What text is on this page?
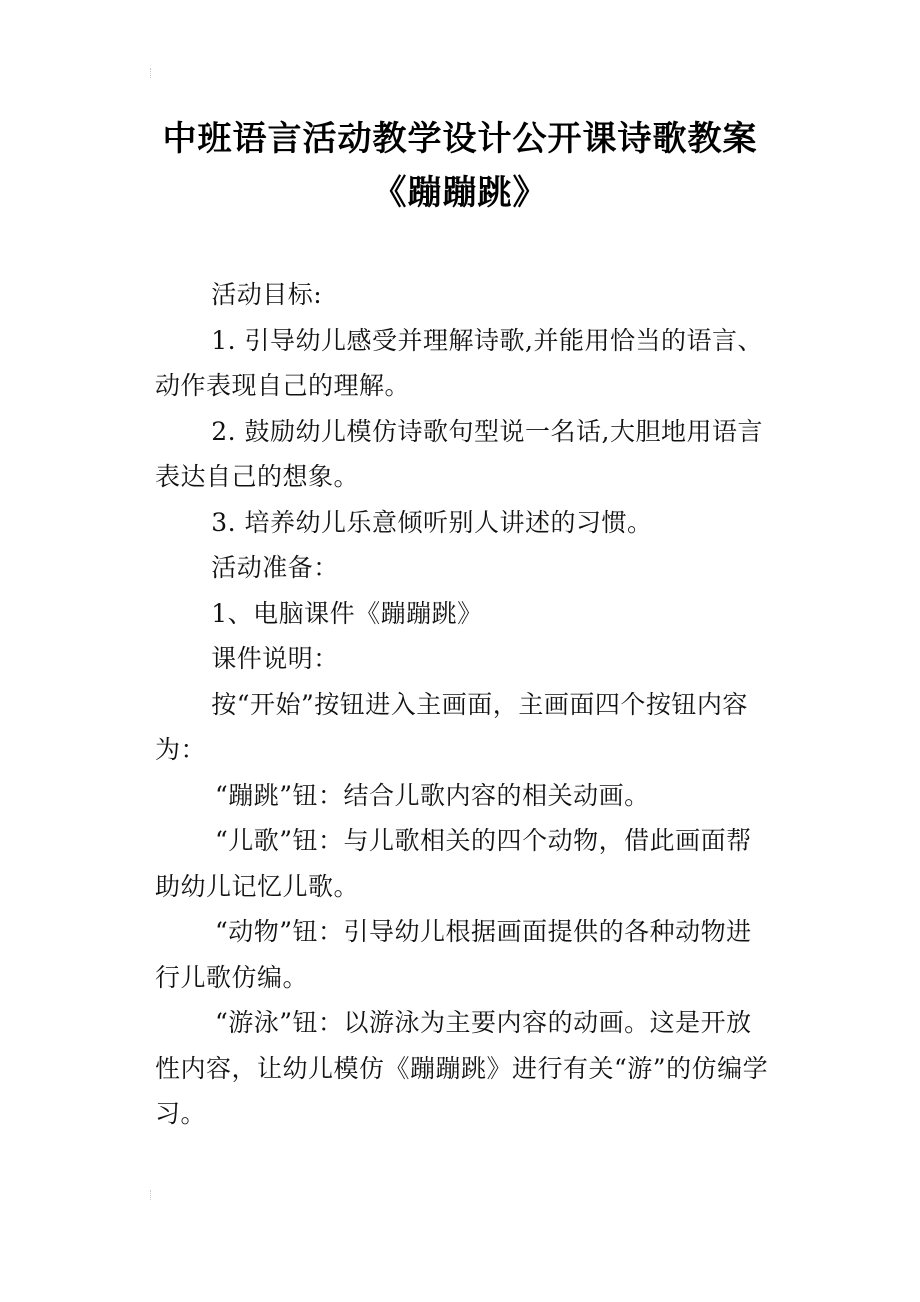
中班语言活动教学设计公开课诗歌教案《蹦蹦跳》

活动目标:

1. 引导幼儿感受并理解诗歌,并能用恰当的语言、动作表现自己的理解。

2. 鼓励幼儿模仿诗歌句型说一名话,大胆地用语言表达自己的想象。

3. 培养幼儿乐意倾听别人讲述的习惯。

活动准备：

1、电脑课件《蹦蹦跳》

课件说明：

按“开始”按钮进入主画面，主画面四个按钮内容为：

“蹦跳”钮：结合儿歌内容的相关动画。

“儿歌”钮：与儿歌相关的四个动物，借此画面帮助幼儿记忆儿歌。

“动物”钮：引导幼儿根据画面提供的各种动物进行儿歌仿编。

“游泳”钮：以游泳为主要内容的动画。这是开放性内容，让幼儿模仿《蹦蹦跳》进行有关“游”的仿编学习。
